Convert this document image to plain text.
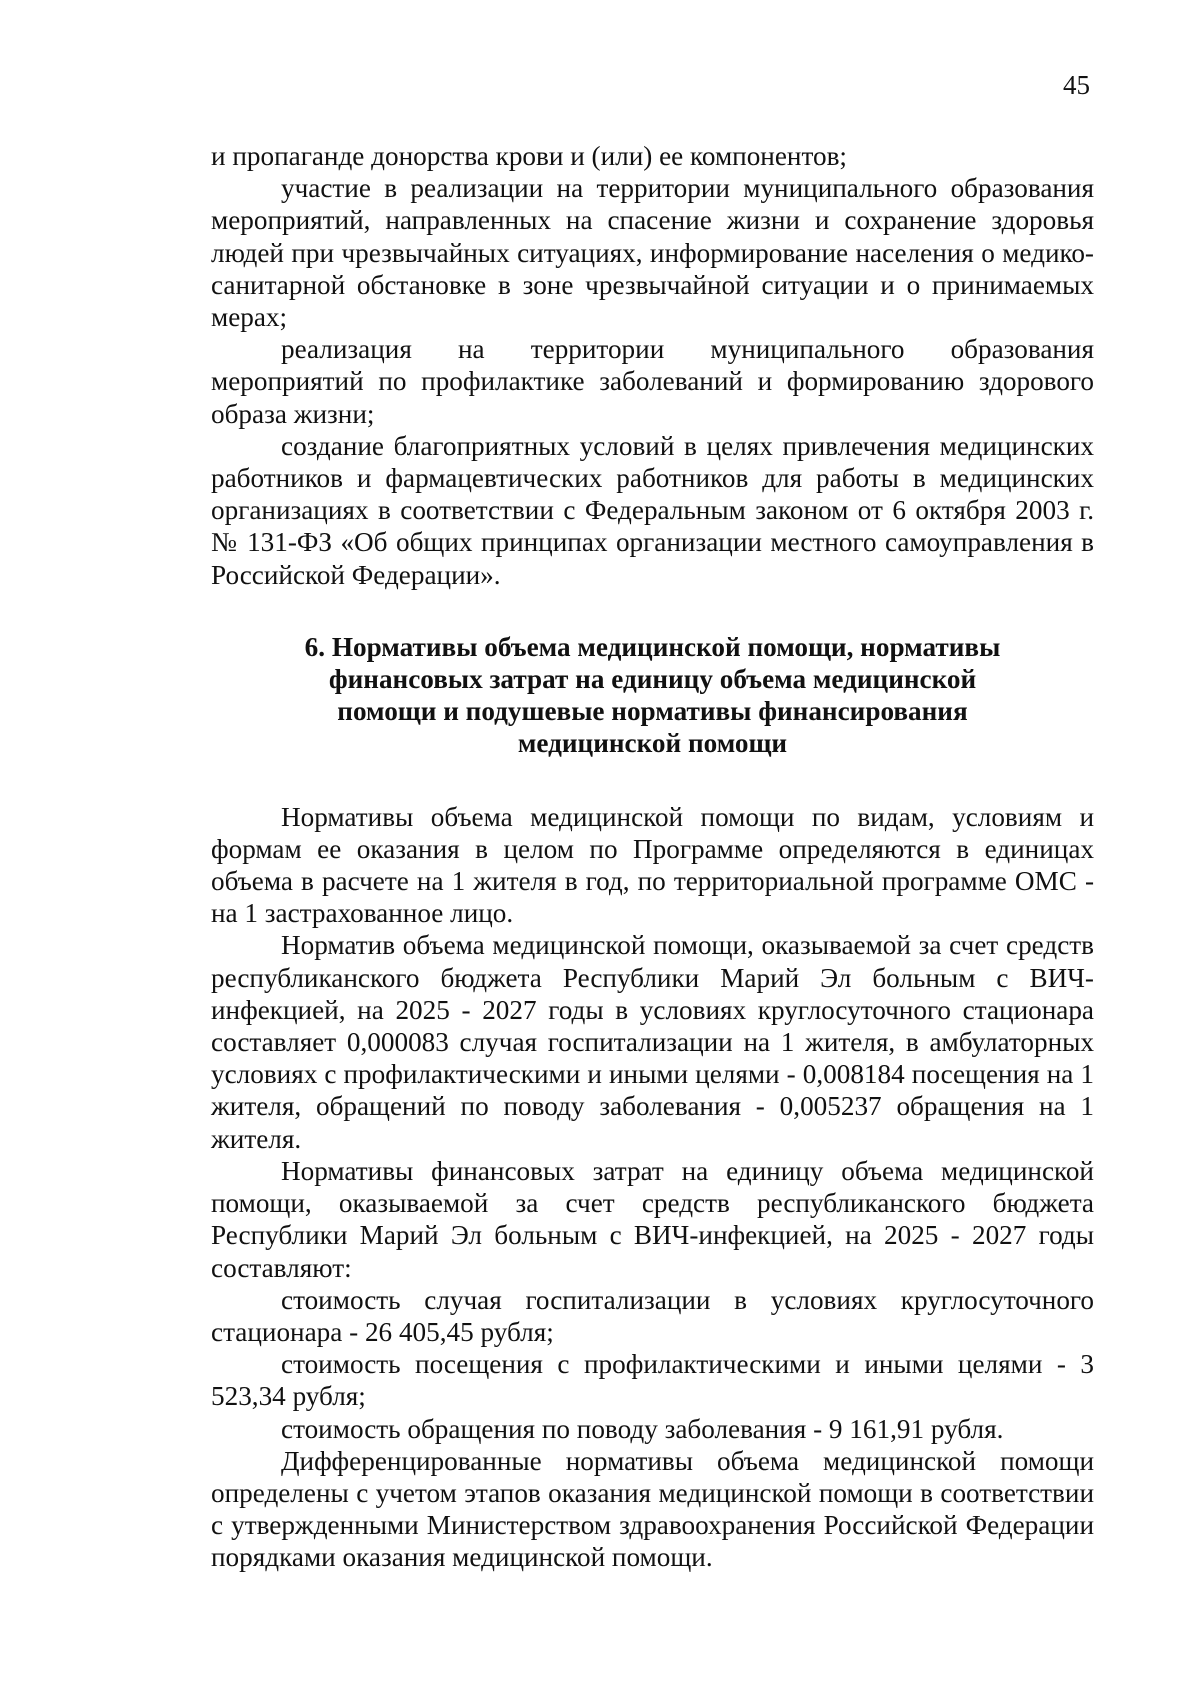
45

и пропаганде донорства крови и (или) ее компонентов;

участие в реализации на территории муниципального образования мероприятий, направленных на спасение жизни и сохранение здоровья людей при чрезвычайных ситуациях, информирование населения о медико-санитарной обстановке в зоне чрезвычайной ситуации и о принимаемых мерах;

реализация на территории муниципального образования мероприятий по профилактике заболеваний и формированию здорового образа жизни;

создание благоприятных условий в целях привлечения медицинских работников и фармацевтических работников для работы в медицинских организациях в соответствии с Федеральным законом от 6 октября 2003 г. № 131-ФЗ «Об общих принципах организации местного самоуправления в Российской Федерации».

6. Нормативы объема медицинской помощи, нормативы
финансовых затрат на единицу объема медицинской
помощи и подушевые нормативы финансирования
медицинской помощи

Нормативы объема медицинской помощи по видам, условиям и формам ее оказания в целом по Программе определяются в единицах объема в расчете на 1 жителя в год, по территориальной программе ОМС - на 1 застрахованное лицо.

Норматив объема медицинской помощи, оказываемой за счет средств республиканского бюджета Республики Марий Эл больным с ВИЧ-инфекцией, на 2025 - 2027 годы в условиях круглосуточного стационара составляет 0,000083 случая госпитализации на 1 жителя, в амбулаторных условиях с профилактическими и иными целями - 0,008184 посещения на 1 жителя, обращений по поводу заболевания - 0,005237 обращения на 1 жителя.

Нормативы финансовых затрат на единицу объема медицинской помощи, оказываемой за счет средств республиканского бюджета Республики Марий Эл больным с ВИЧ-инфекцией, на 2025 - 2027 годы составляют:

стоимость случая госпитализации в условиях круглосуточного стационара - 26 405,45 рубля;

стоимость посещения с профилактическими и иными целями - 3 523,34 рубля;

стоимость обращения по поводу заболевания - 9 161,91 рубля.

Дифференцированные нормативы объема медицинской помощи определены с учетом этапов оказания медицинской помощи в соответствии с утвержденными Министерством здравоохранения Российской Федерации порядками оказания медицинской помощи.
